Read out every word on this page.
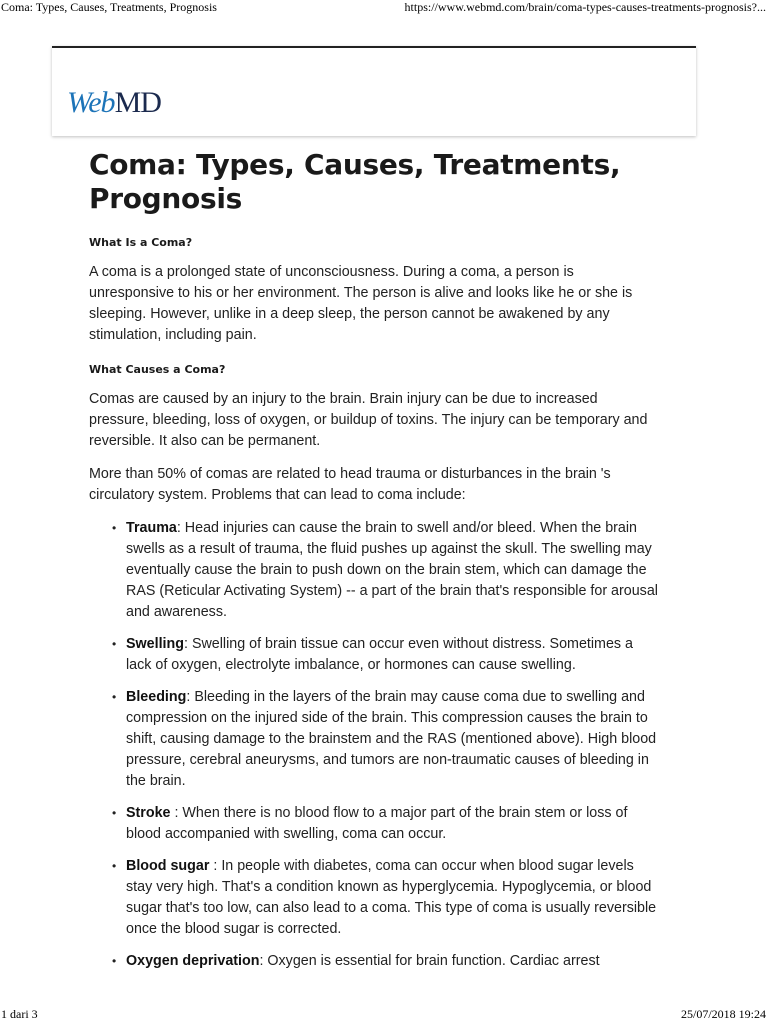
Coma: Types, Causes, Treatments, Prognosis	https://www.webmd.com/brain/coma-types-causes-treatments-prognosis?...
WebMD
Coma: Types, Causes, Treatments, Prognosis
What Is a Coma?

A coma is a prolonged state of unconsciousness. During a coma, a person is unresponsive to his or her environment. The person is alive and looks like he or she is sleeping. However, unlike in a deep sleep, the person cannot be awakened by any stimulation, including pain.

What Causes a Coma?

Comas are caused by an injury to the brain. Brain injury can be due to increased pressure, bleeding, loss of oxygen, or buildup of toxins. The injury can be temporary and reversible. It also can be permanent.

More than 50% of comas are related to head trauma or disturbances in the brain 's circulatory system. Problems that can lead to coma include:

• Trauma: Head injuries can cause the brain to swell and/or bleed. When the brain swells as a result of trauma, the fluid pushes up against the skull. The swelling may eventually cause the brain to push down on the brain stem, which can damage the RAS (Reticular Activating System) -- a part of the brain that's responsible for arousal and awareness.
• Swelling: Swelling of brain tissue can occur even without distress. Sometimes a lack of oxygen, electrolyte imbalance, or hormones can cause swelling.
• Bleeding: Bleeding in the layers of the brain may cause coma due to swelling and compression on the injured side of the brain. This compression causes the brain to shift, causing damage to the brainstem and the RAS (mentioned above). High blood pressure, cerebral aneurysms, and tumors are non-traumatic causes of bleeding in the brain.
• Stroke : When there is no blood flow to a major part of the brain stem or loss of blood accompanied with swelling, coma can occur.
• Blood sugar : In people with diabetes, coma can occur when blood sugar levels stay very high. That's a condition known as hyperglycemia. Hypoglycemia, or blood sugar that's too low, can also lead to a coma. This type of coma is usually reversible once the blood sugar is corrected.
• Oxygen deprivation: Oxygen is essential for brain function. Cardiac arrest
1 dari 3	25/07/2018 19:24
